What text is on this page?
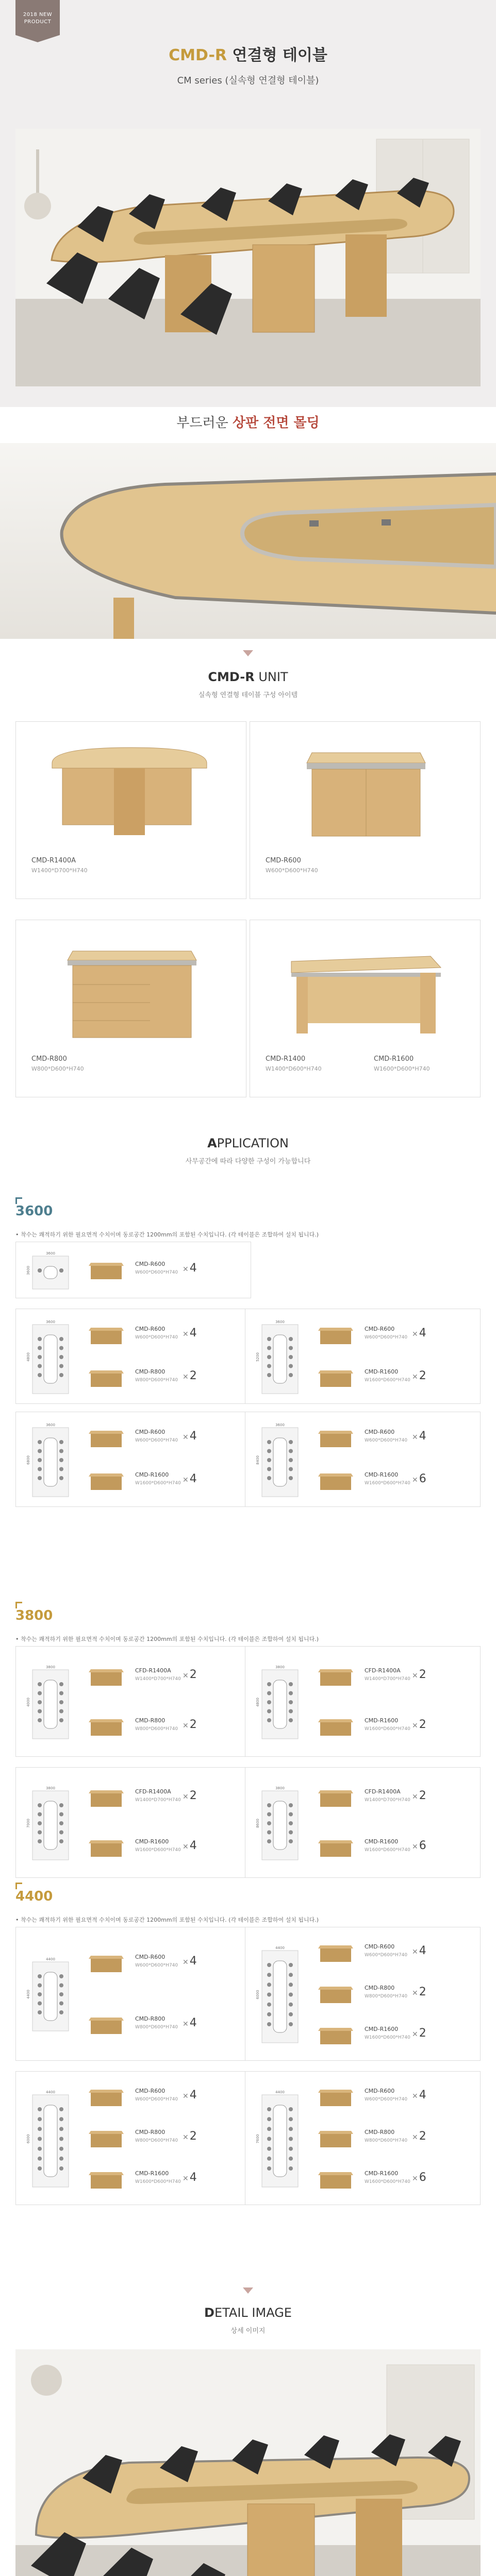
2018 NEW
PRODUCT
CMD-R 연결형 테이블
CM series (실속형 연결형 테이블)
부드러운 상판 전면 몰딩
CMD-R UNIT
실속형 연결형 테이블 구성 아이템
CMD-R1400A
W1400*D700*H740
CMD-R600
W600*D600*H740
CMD-R800
W800*D600*H740
CMD-R1400
W1400*D600*H740
CMD-R1600
W1600*D600*H740
APPLICATION
사무공간에 따라 다양한 구성이 가능합니다
3600
• 착수는 쾌적하기 위한 필요면적 수치이며 동로공간 1200mm의 포함된 수치입니다. (각 테이블은 조합하여 설치 됩니다.)
3600
3600
CMD-R600
W600*D600*H740 ✕4
3600
4800
CMD-R600
W600*D600*H740 ✕4
CMD-R800
W800*D600*H740 ✕2
3600
5200
CMD-R600
W600*D600*H740 ✕4
CMD-R1600
W1600*D600*H740 ✕2
3600
6800
CMD-R600
W600*D600*H740 ✕4
CMD-R1600
W1600*D600*H740 ✕4
3600
8400
CMD-R600
W600*D600*H740 ✕4
CMD-R1600
W1600*D600*H740 ✕6
3800
• 착수는 쾌적하기 위한 필요면적 수치이며 동로공간 1200mm의 포함된 수치입니다. (각 테이블은 조합하여 설치 됩니다.)
3800
4000
CFD-R1400A
W1400*D700*H740 ✕2
CMD-R800
W800*D600*H740 ✕2
3800
4800
CFD-R1400A
W1400*D700*H740 ✕2
CMD-R1600
W1600*D600*H740 ✕2
3800
7000
CFD-R1400A
W1400*D700*H740 ✕2
CMD-R1600
W1600*D600*H740 ✕4
3800
8600
CFD-R1400A
W1400*D700*H740 ✕2
CMD-R1600
W1600*D600*H740 ✕6
4400
• 착수는 쾌적하기 위한 필요면적 수치이며 동로공간 1200mm의 포함된 수치입니다. (각 테이블은 조합하여 설치 됩니다.)
4400
4400
CMD-R600
W600*D600*H740 ✕4
CMD-R800
W800*D600*H740 ✕4
4400
6000
CMD-R600
W600*D600*H740 ✕4
CMD-R800
W800*D600*H740 ✕2
CMD-R1600
W1600*D600*H740 ✕2
4400
6000
CMD-R600
W600*D600*H740 ✕4
CMD-R800
W800*D600*H740 ✕2
CMD-R1600
W1600*D600*H740 ✕4
4400
7600
CMD-R600
W600*D600*H740 ✕4
CMD-R800
W800*D600*H740 ✕2
CMD-R1600
W1600*D600*H740 ✕6
DETAIL IMAGE
상세 이미지
